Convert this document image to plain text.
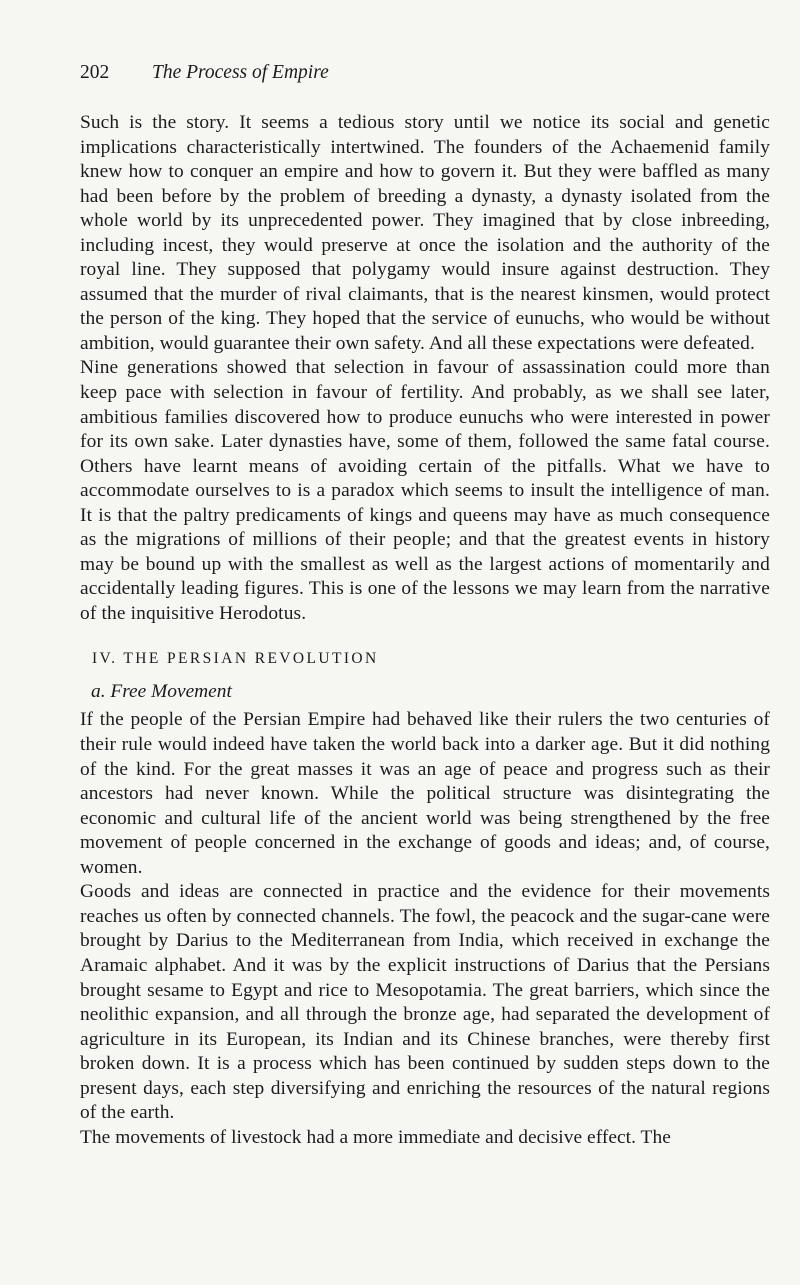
202 The Process of Empire

Such is the story. It seems a tedious story until we notice its social and genetic implications characteristically intertwined. The founders of the Achaemenid family knew how to conquer an empire and how to govern it. But they were baffled as many had been before by the problem of breeding a dynasty, a dynasty isolated from the whole world by its unprecedented power. They imagined that by close inbreeding, including incest, they would preserve at once the isolation and the authority of the royal line. They supposed that polygamy would insure against destruction. They assumed that the murder of rival claimants, that is the nearest kinsmen, would protect the person of the king. They hoped that the service of eunuchs, who would be without ambition, would guarantee their own safety. And all these expectations were defeated.

Nine generations showed that selection in favour of assassination could more than keep pace with selection in favour of fertility. And probably, as we shall see later, ambitious families discovered how to produce eunuchs who were interested in power for its own sake. Later dynasties have, some of them, followed the same fatal course. Others have learnt means of avoiding certain of the pitfalls. What we have to accommodate ourselves to is a paradox which seems to insult the intelligence of man. It is that the paltry predicaments of kings and queens may have as much consequence as the migrations of millions of their people; and that the greatest events in history may be bound up with the smallest as well as the largest actions of momentarily and accidentally leading figures. This is one of the lessons we may learn from the narrative of the inquisitive Herodotus.

IV. THE PERSIAN REVOLUTION
a. Free Movement

If the people of the Persian Empire had behaved like their rulers the two centuries of their rule would indeed have taken the world back into a darker age. But it did nothing of the kind. For the great masses it was an age of peace and progress such as their ancestors had never known. While the political structure was disintegrating the economic and cultural life of the ancient world was being strengthened by the free movement of people concerned in the exchange of goods and ideas; and, of course, women.

Goods and ideas are connected in practice and the evidence for their movements reaches us often by connected channels. The fowl, the peacock and the sugar-cane were brought by Darius to the Mediterranean from India, which received in exchange the Aramaic alphabet. And it was by the explicit instructions of Darius that the Persians brought sesame to Egypt and rice to Mesopotamia. The great barriers, which since the neolithic expansion, and all through the bronze age, had separated the development of agriculture in its European, its Indian and its Chinese branches, were thereby first broken down. It is a process which has been continued by sudden steps down to the present days, each step diversifying and enriching the resources of the natural regions of the earth.

The movements of livestock had a more immediate and decisive effect. The
